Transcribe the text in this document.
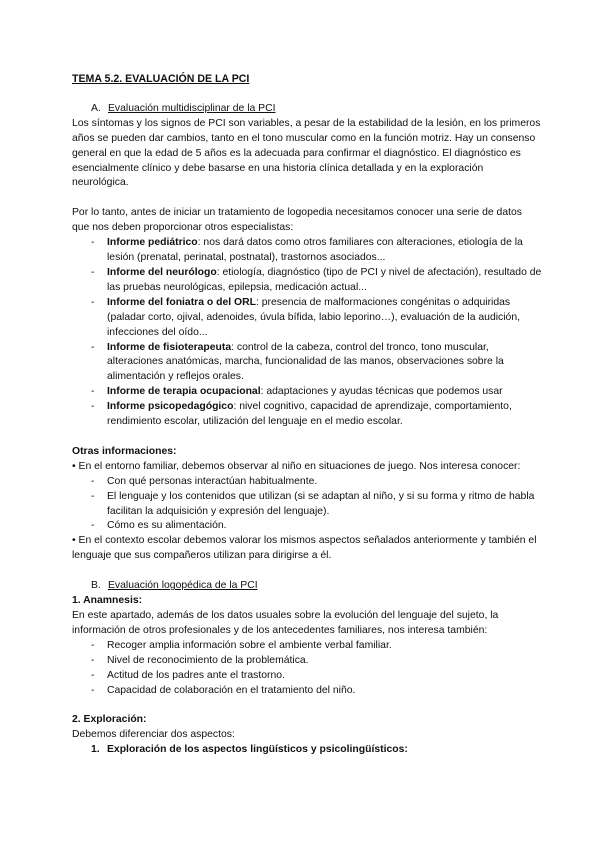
TEMA 5.2. EVALUACIÓN DE LA PCI

A. Evaluación multidisciplinar de la PCI

Los síntomas y los signos de PCI son variables, a pesar de la estabilidad de la lesión, en los primeros años se pueden dar cambios, tanto en el tono muscular como en la función motriz. Hay un consenso general en que la edad de 5 años es la adecuada para confirmar el diagnóstico. El diagnóstico es esencialmente clínico y debe basarse en una historia clínica detallada y en la exploración neurológica.

Por lo tanto, antes de iniciar un tratamiento de logopedia necesitamos conocer una serie de datos que nos deben proporcionar otros especialistas:

- Informe pediátrico: nos dará datos como otros familiares con alteraciones, etiología de la lesión (prenatal, perinatal, postnatal), trastornos asociados...
- Informe del neurólogo: etiología, diagnóstico (tipo de PCI y nivel de afectación), resultado de las pruebas neurológicas, epilepsia, medicación actual...
- Informe del foniatra o del ORL: presencia de malformaciones congénitas o adquiridas (paladar corto, ojival, adenoides, úvula bífida, labio leporino…), evaluación de la audición, infecciones del oído...
- Informe de fisioterapeuta: control de la cabeza, control del tronco, tono muscular, alteraciones anatómicas, marcha, funcionalidad de las manos, observaciones sobre la alimentación y reflejos orales.
- Informe de terapia ocupacional: adaptaciones y ayudas técnicas que podemos usar
- Informe psicopedagógico: nivel cognitivo, capacidad de aprendizaje, comportamiento, rendimiento escolar, utilización del lenguaje en el medio escolar.

Otras informaciones:

• En el entorno familiar, debemos observar al niño en situaciones de juego. Nos interesa conocer:

- Con qué personas interactúan habitualmente.
- El lenguaje y los contenidos que utilizan (si se adaptan al niño, y si su forma y ritmo de habla facilitan la adquisición y expresión del lenguaje).
- Cómo es su alimentación.

• En el contexto escolar debemos valorar los mismos aspectos señalados anteriormente y también el lenguaje que sus compañeros utilizan para dirigirse a él.

B. Evaluación logopédica de la PCI

1. Anamnesis:

En este apartado, además de los datos usuales sobre la evolución del lenguaje del sujeto, la información de otros profesionales y de los antecedentes familiares, nos interesa también:

- Recoger amplia información sobre el ambiente verbal familiar.
- Nivel de reconocimiento de la problemática.
- Actitud de los padres ante el trastorno.
- Capacidad de colaboración en el tratamiento del niño.

2. Exploración:

Debemos diferenciar dos aspectos:

1. Exploración de los aspectos lingüísticos y psicolingüísticos:
